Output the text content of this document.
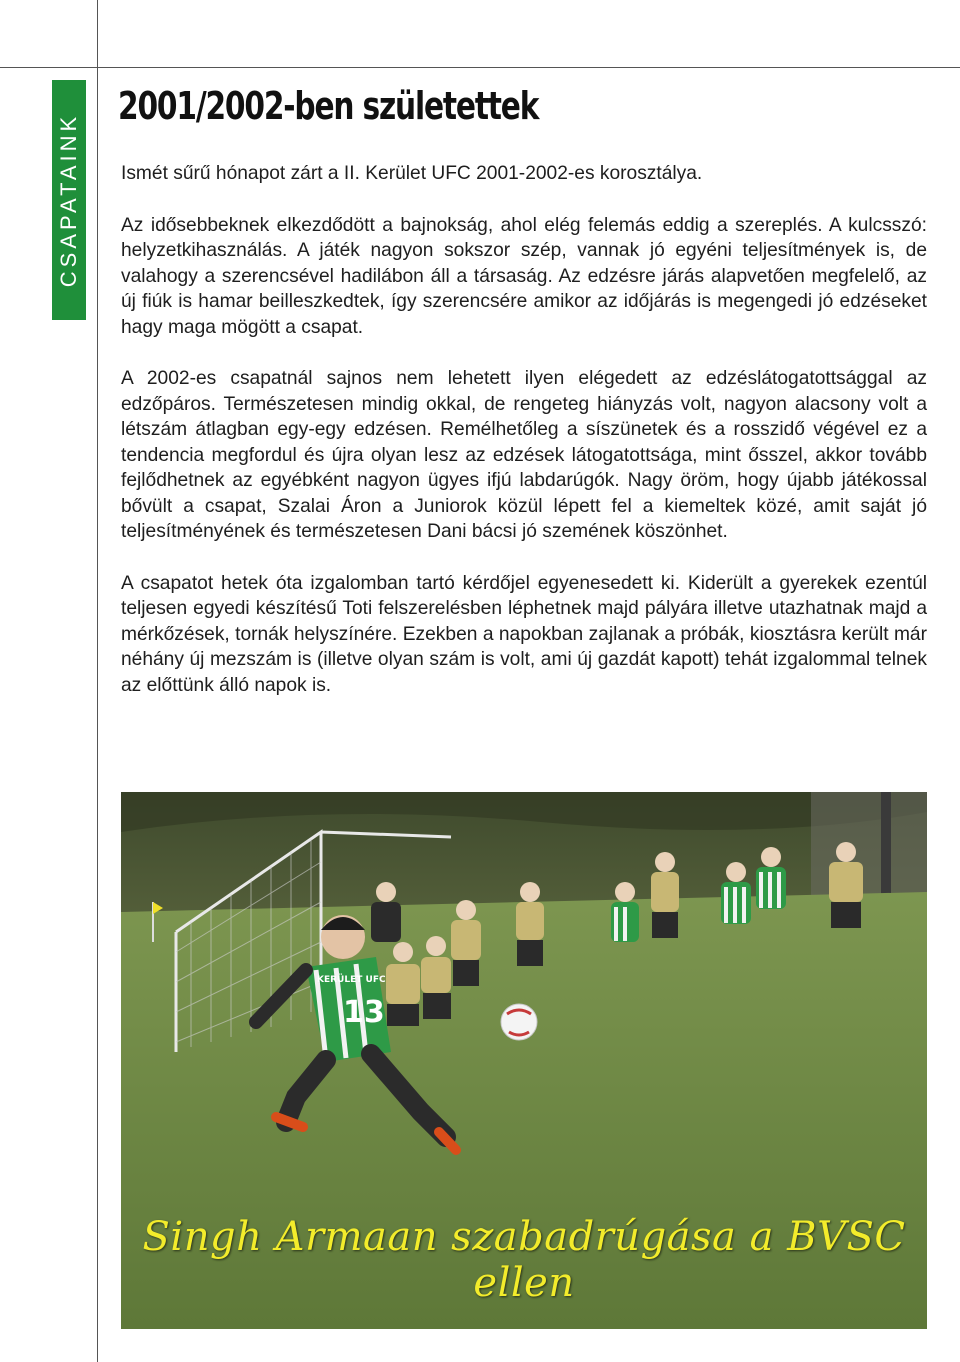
CSAPATAINK
2001/2002-ben születettek

Ismét sűrű hónapot zárt a II. Kerület UFC 2001-2002-es korosztálya.

Az idősebbeknek elkezdődött a bajnokság, ahol elég felemás eddig a szereplés. A kulcsszó: helyzetkihasználás. A játék nagyon sokszor szép, vannak jó egyéni teljesítmények is, de valahogy a szerencsével hadilábon áll a társaság. Az edzésre járás alapvetően megfelelő, az új fiúk is hamar beilleszkedtek, így szerencsére amikor az időjárás is megengedi jó edzéseket hagy maga mögött a csapat.

A 2002-es csapatnál sajnos nem lehetett ilyen elégedett az edzéslátogatottsággal az edzőpáros. Természetesen mindig okkal, de rengeteg hiányzás volt, nagyon alacsony volt a létszám átlagban egy-egy edzésen. Remélhetőleg a síszünetek és a rosszidő végével ez a tendencia megfordul és újra olyan lesz az edzések látogatottsága, mint ősszel, akkor tovább fejlődhetnek az egyébként nagyon ügyes ifjú labdarúgók. Nagy öröm, hogy újabb játékossal bővült a csapat, Szalai Áron a Juniorok közül lépett fel a kiemeltek közé, amit saját jó teljesítményének és természetesen Dani bácsi jó szemének köszönhet.

A csapatot hetek óta izgalomban tartó kérdőjel egyenesedett ki. Kiderült a gyerekek ezentúl teljesen egyedi készítésű Toti felszerelésben léphetnek majd pályára illetve utazhatnak majd a mérkőzések, tornák helyszínére. Ezekben a napokban zajlanak a próbák, kiosztásra került már néhány új mezszám is (illetve olyan szám is volt, ami új gazdát kapott) tehát izgalommal telnek az előttünk álló napok is.

13
KERÜLET UFC
Singh Armaan szabadrúgása a BVSC ellen
